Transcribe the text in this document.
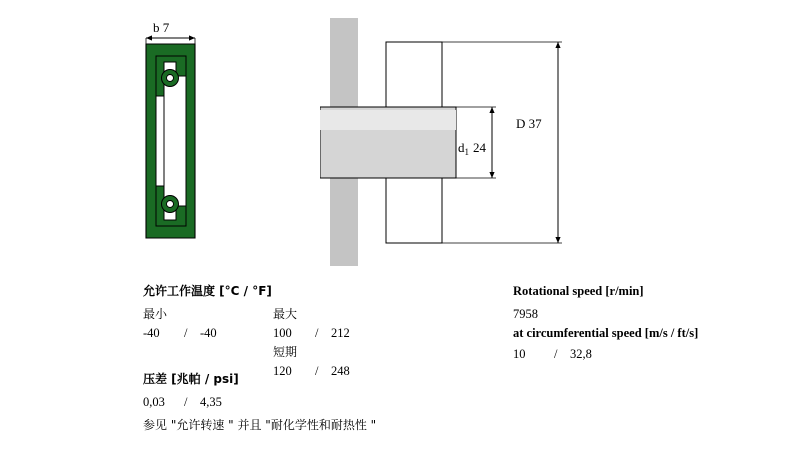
b 7
$d_1$ 24
D 37
允许工作温度 [°C / °F]
最小	最大
-40 / -40	100 / 212
短期
120 / 248
压差 [兆帕 / psi]
0,03 / 4,35
参见 "允许转速 " 并且 "耐化学性和耐热性 "
Rotational speed [r/min]
7958
at circumferential speed [m/s / ft/s]
10 / 32,8
